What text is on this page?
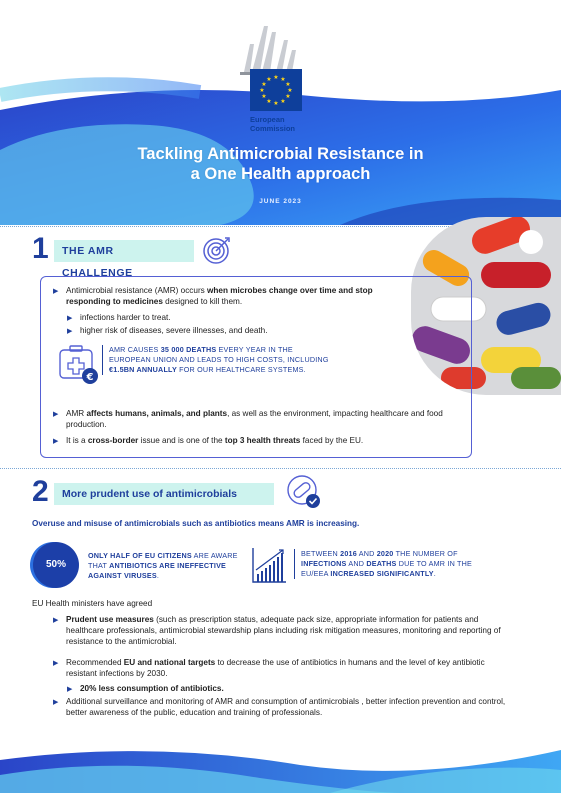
★ ★
★
★
★
★
★
★
★
★
★
★
European
Commission
Tackling Antimicrobial Resistance in
a One Health approach
JUNE 2023
1	THE AMR CHALLENGE
▶ Antimicrobial resistance (AMR) occurs when microbes change over time and stop responding to medicines designed to kill them.
▶ infections harder to treat.
▶ higher risk of diseases, severe illnesses, and death.
€
AMR CAUSES 35 000 DEATHS EVERY YEAR IN THE EUROPEAN UNION AND LEADS TO HIGH COSTS, INCLUDING €1.5BN ANNUALLY FOR OUR HEALTHCARE SYSTEMS.
▶ AMR affects humans, animals, and plants, as well as the environment, impacting healthcare and food production.
▶ It is a cross-border issue and is one of the top 3 health threats faced by the EU.
2	More prudent use of antimicrobials
Overuse and misuse of antimicrobials such as antibiotics means AMR is increasing.
50%
ONLY HALF OF EU CITIZENS ARE AWARE THAT ANTIBIOTICS ARE INEFFECTIVE AGAINST VIRUSES.
BETWEEN 2016 AND 2020 THE NUMBER OF INFECTIONS AND DEATHS DUE TO AMR IN THE EU/EEA INCREASED SIGNIFICANTLY.
EU Health ministers have agreed
▶ Prudent use measures (such as prescription status, adequate pack size, appropriate information for patients and healthcare professionals, antimicrobial stewardship plans including risk mitigation measures, monitoring and reporting of resistance to the antimicrobial.
▶ Recommended EU and national targets to decrease the use of antibiotics in humans and the level of key antibiotic resistant infections by 2030.
▶ 20% less consumption of antibiotics.
▶ Additional surveillance and monitoring of AMR and consumption of antimicrobials , better infection prevention and control, better awareness of the public, education and training of professionals.
